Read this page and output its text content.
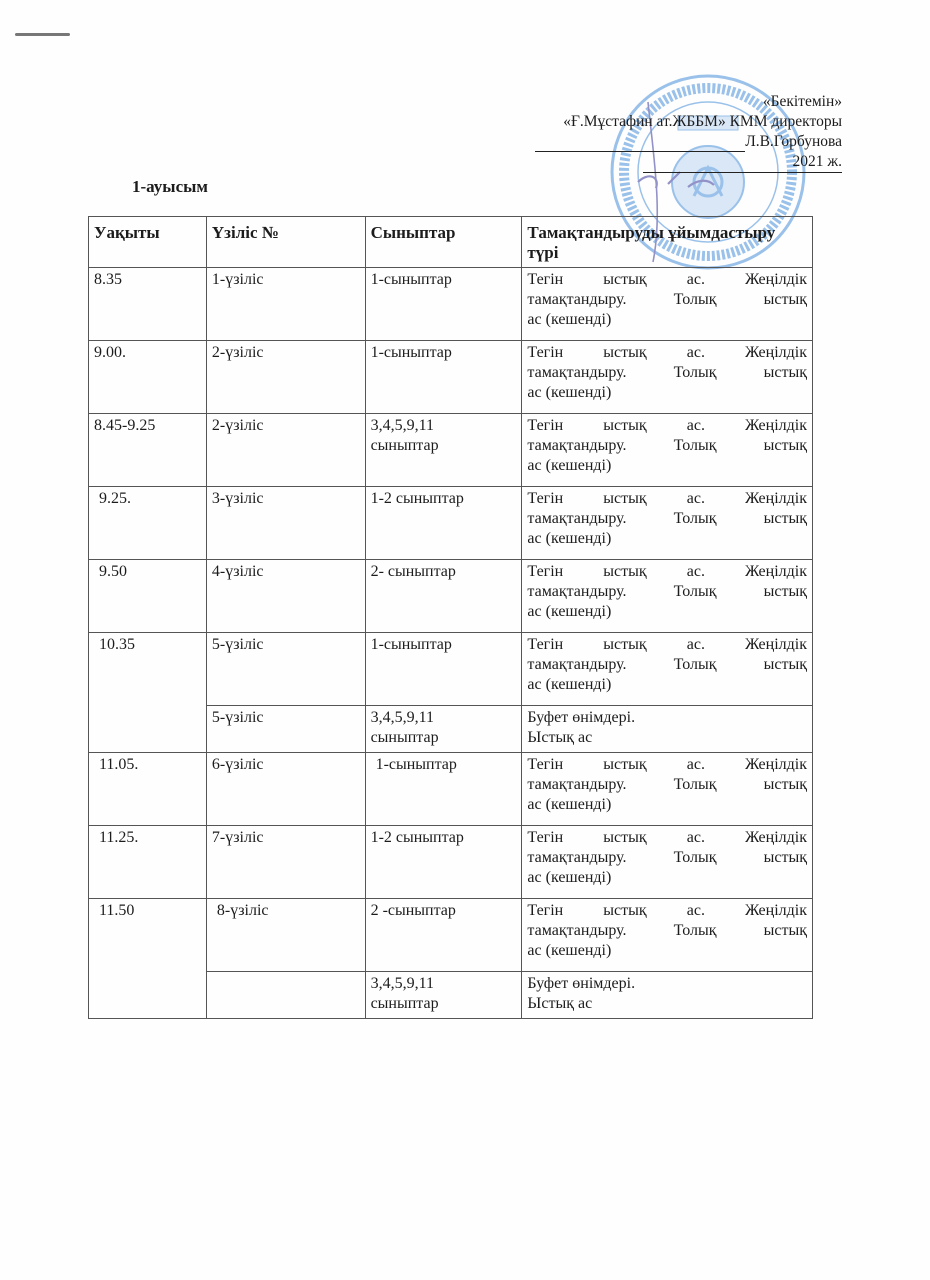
«Бекітемін»
«Ғ.Мұстафин ат.ЖББМ» КММ директоры
Л.В.Горбунова
2021 ж.
1-ауысым
Уақыты	Үзіліс №	Сыныптар	Тамақтандыруды ұйымдастыру түрі
8.35	1-үзіліс	1-сыныптар	Тегін ыстық ас. Жеңілдік
тамақтандыру. Толық ыстық
ас (кешенді)

9.00.	2-үзіліс	1-сыныптар	Тегін ыстық ас. Жеңілдік
тамақтандыру. Толық ыстық
ас (кешенді)

8.45-9.25	2-үзіліс	3,4,5,9,11 сыныптар	Тегін ыстық ас. Жеңілдік
тамақтандыру. Толық ыстық
ас (кешенді)

9.25.	3-үзіліс	1-2 сыныптар	Тегін ыстық ас. Жеңілдік
тамақтандыру. Толық ыстық
ас (кешенді)

9.50	4-үзіліс	2- сыныптар	Тегін ыстық ас. Жеңілдік
тамақтандыру. Толық ыстық
ас (кешенді)

10.35	5-үзіліс	1-сыныптар	Тегін ыстық ас. Жеңілдік
тамақтандыру. Толық ыстық
ас (кешенді)

	5-үзіліс	3,4,5,9,11 сыныптар	Буфет өнімдері.
Ыстық ас

11.05.	6-үзіліс	1-сыныптар	Тегін ыстық ас. Жеңілдік
тамақтандыру. Толық ыстық
ас (кешенді)

11.25.	7-үзіліс	1-2 сыныптар	Тегін ыстық ас. Жеңілдік
тамақтандыру. Толық ыстық
ас (кешенді)

11.50	8-үзіліс	2 -сыныптар	Тегін ыстық ас. Жеңілдік
тамақтандыру. Толық ыстық
ас (кешенді)

		3,4,5,9,11 сыныптар	Буфет өнімдері.
Ыстық ас
